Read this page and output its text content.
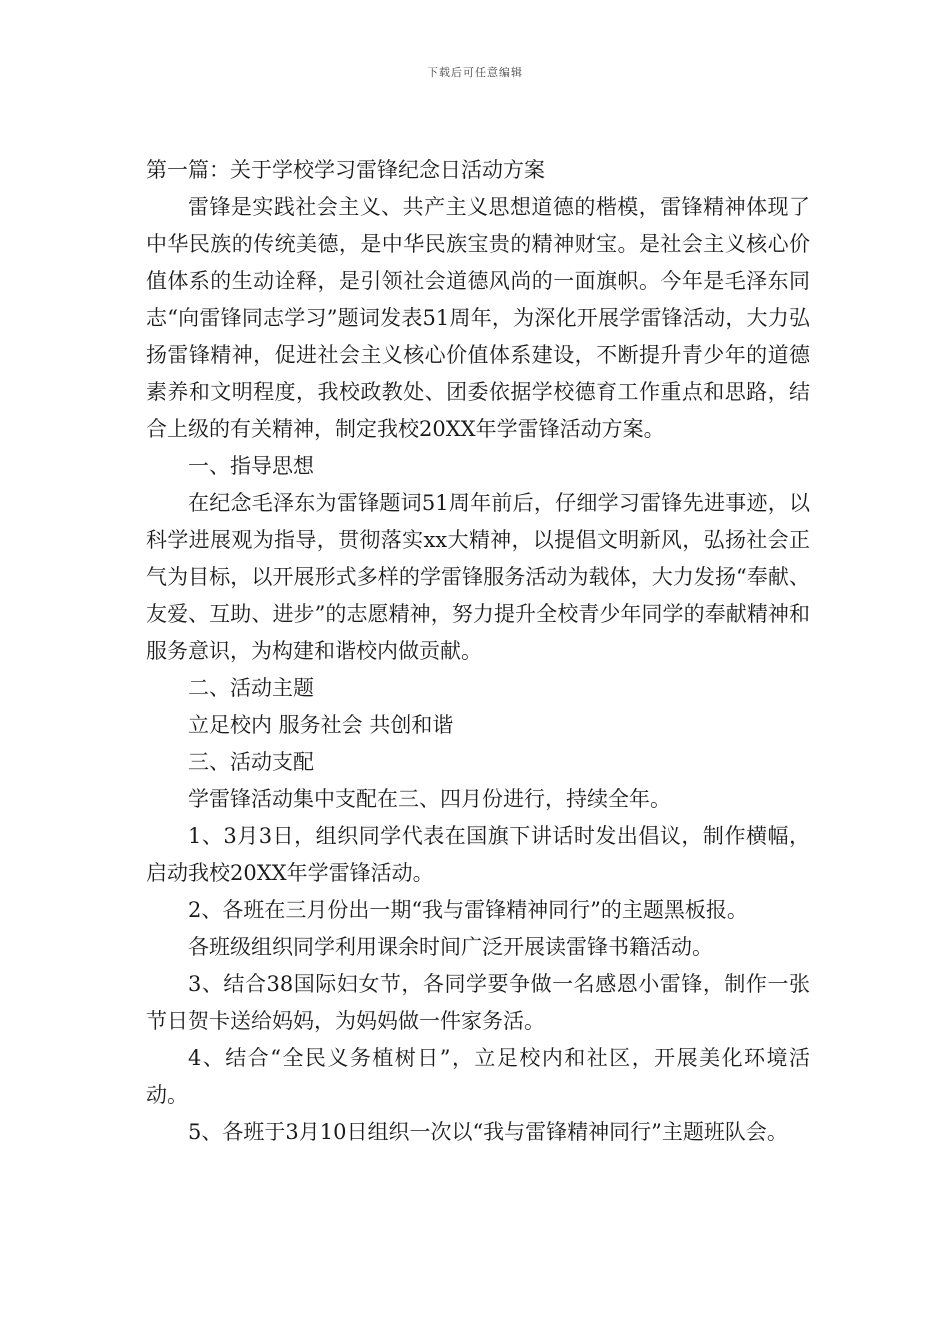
下载后可任意编辑
第一篇：关于学校学习雷锋纪念日活动方案
雷锋是实践社会主义、共产主义思想道德的楷模，雷锋精神体现了中华民族的传统美德，是中华民族宝贵的精神财宝。是社会主义核心价值体系的生动诠释，是引领社会道德风尚的一面旗帜。今年是毛泽东同志“向雷锋同志学习”题词发表51周年，为深化开展学雷锋活动，大力弘扬雷锋精神，促进社会主义核心价值体系建设，不断提升青少年的道德素养和文明程度，我校政教处、团委依据学校德育工作重点和思路，结合上级的有关精神，制定我校20XX年学雷锋活动方案。
一、指导思想
在纪念毛泽东为雷锋题词51周年前后，仔细学习雷锋先进事迹，以科学进展观为指导，贯彻落实xx大精神，以提倡文明新风，弘扬社会正气为目标，以开展形式多样的学雷锋服务活动为载体，大力发扬“奉献、友爱、互助、进步”的志愿精神，努力提升全校青少年同学的奉献精神和服务意识，为构建和谐校内做贡献。
二、活动主题
立足校内 服务社会 共创和谐
三、活动支配
学雷锋活动集中支配在三、四月份进行，持续全年。
1、3月3日，组织同学代表在国旗下讲话时发出倡议，制作横幅，启动我校20XX年学雷锋活动。
2、各班在三月份出一期“我与雷锋精神同行”的主题黑板报。
各班级组织同学利用课余时间广泛开展读雷锋书籍活动。
3、结合38国际妇女节，各同学要争做一名感恩小雷锋，制作一张节日贺卡送给妈妈，为妈妈做一件家务活。
4、结合“全民义务植树日”，立足校内和社区，开展美化环境活动。
5、各班于3月10日组织一次以“我与雷锋精神同行”主题班队会。
